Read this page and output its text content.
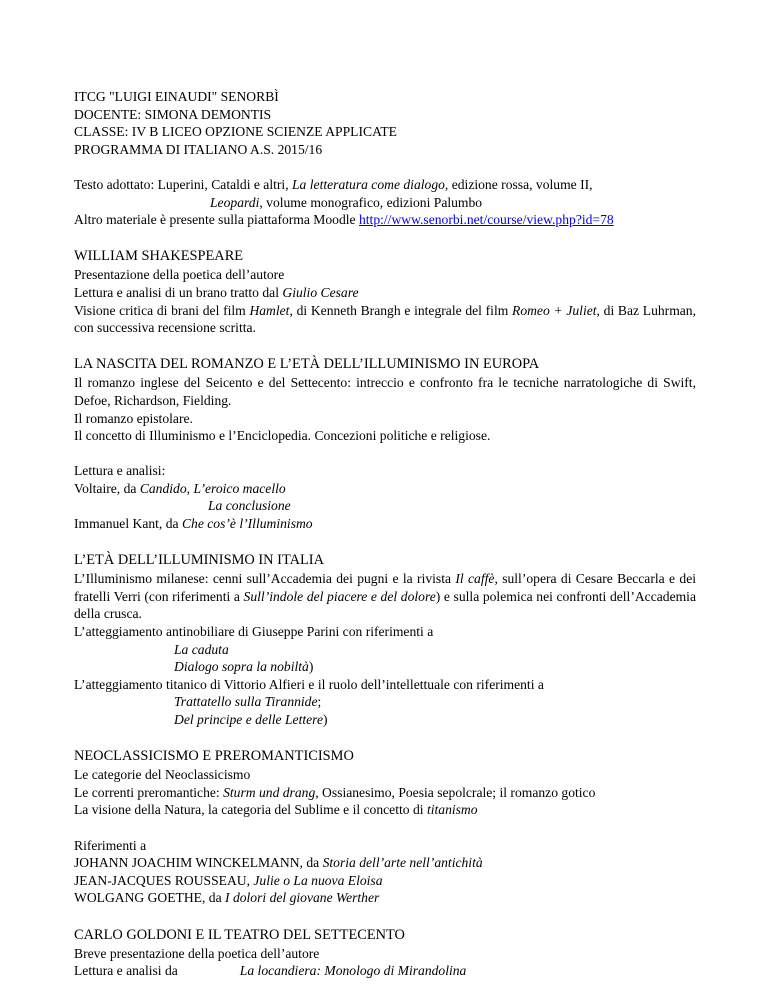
ITCG "LUIGI EINAUDI" SENORBÌ
DOCENTE: SIMONA DEMONTIS
CLASSE: IV B LICEO OPZIONE SCIENZE APPLICATE
PROGRAMMA DI ITALIANO A.S. 2015/16
Testo adottato: Luperini, Cataldi e altri, La letteratura come dialogo, edizione rossa, volume II,
Leopardi, volume monografico, edizioni Palumbo
Altro materiale è presente sulla piattaforma Moodle http://www.senorbi.net/course/view.php?id=78
WILLIAM SHAKESPEARE
Presentazione della poetica dell’autore
Lettura e analisi di un brano tratto dal Giulio Cesare
Visione critica di brani del film Hamlet, di Kenneth Brangh e integrale del film Romeo + Juliet, di Baz Luhrman, con successiva recensione scritta.
LA NASCITA DEL ROMANZO E L’ETÀ DELL’ILLUMINISMO IN EUROPA
Il romanzo inglese del Seicento e del Settecento: intreccio e confronto fra le tecniche narratologiche di Swift, Defoe, Richardson, Fielding.
Il romanzo epistolare.
Il concetto di Illuminismo e l’Enciclopedia. Concezioni politiche e religiose.
Lettura e analisi:
Voltaire, da Candido, L’eroico macello
La conclusione
Immanuel Kant, da Che cos’è l’Illuminismo
L’ETÀ DELL’ILLUMINISMO IN ITALIA
L’Illuminismo milanese: cenni sull’Accademia dei pugni e la rivista Il caffè, sull’opera di Cesare Beccarla e dei fratelli Verri (con riferimenti a Sull’indole del piacere e del dolore) e sulla polemica nei confronti dell’Accademia della crusca.
L’atteggiamento antinobiliare di Giuseppe Parini con riferimenti a
La caduta
Dialogo sopra la nobiltà)
L’atteggiamento titanico di Vittorio Alfieri e il ruolo dell’intellettuale con riferimenti a
Trattatello sulla Tirannide;
Del principe e delle Lettere)
NEOCLASSICISMO E PREROMANTICISMO
Le categorie del Neoclassicismo
Le correnti preromantiche: Sturm und drang, Ossianesimo, Poesia sepolcrale; il romanzo gotico
La visione della Natura, la categoria del Sublime e il concetto di titanismo
Riferimenti a
JOHANN JOACHIM WINCKELMANN, da Storia dell’arte nell’antichità
JEAN-JACQUES ROUSSEAU, Julie o La nuova Eloisa
WOLGANG GOETHE, da I dolori del giovane Werther
CARLO GOLDONI E IL TEATRO DEL SETTECENTO
Breve presentazione della poetica dell’autore
Lettura e analisi da	La locandiera: Monologo di Mirandolina
